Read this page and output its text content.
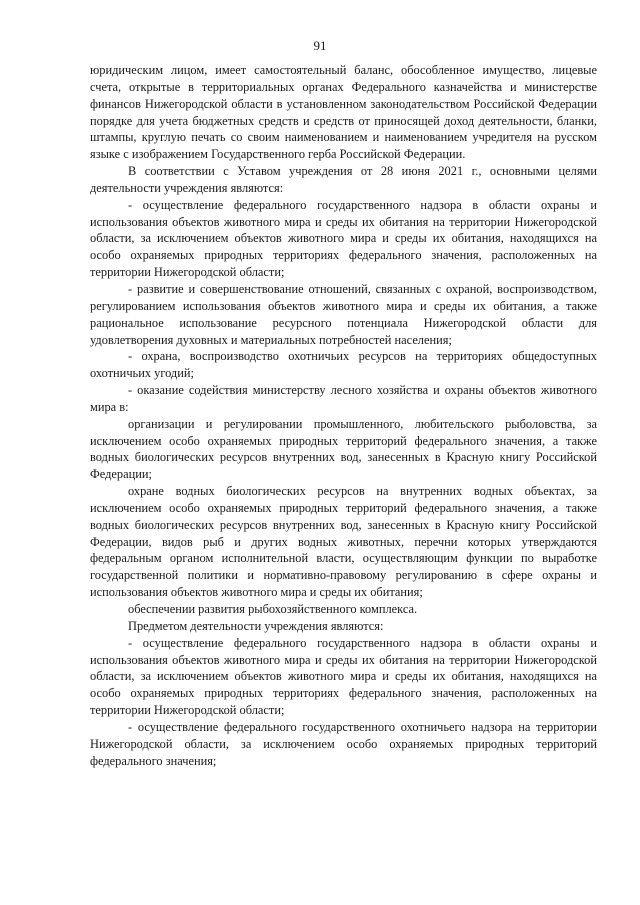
91

юридическим лицом, имеет самостоятельный баланс, обособленное имущество, лицевые счета, открытые в территориальных органах Федерального казначейства и министерстве финансов Нижегородской области в установленном законодательством Российской Федерации порядке для учета бюджетных средств и средств от приносящей доход деятельности, бланки, штампы, круглую печать со своим наименованием и наименованием учредителя на русском языке с изображением Государственного герба Российской Федерации.

В соответствии с Уставом учреждения от 28 июня 2021 г., основными целями деятельности учреждения являются:

- осуществление федерального государственного надзора в области охраны и использования объектов животного мира и среды их обитания на территории Нижегородской области, за исключением объектов животного мира и среды их обитания, находящихся на особо охраняемых природных территориях федерального значения, расположенных на территории Нижегородской области;

- развитие и совершенствование отношений, связанных с охраной, воспроизводством, регулированием использования объектов животного мира и среды их обитания, а также рациональное использование ресурсного потенциала Нижегородской области для удовлетворения духовных и материальных потребностей населения;

- охрана, воспроизводство охотничьих ресурсов на территориях общедоступных охотничьих угодий;

- оказание содействия министерству лесного хозяйства и охраны объектов животного мира в:

организации и регулировании промышленного, любительского рыболовства, за исключением особо охраняемых природных территорий федерального значения, а также водных биологических ресурсов внутренних вод, занесенных в Красную книгу Российской Федерации;

охране водных биологических ресурсов на внутренних водных объектах, за исключением особо охраняемых природных территорий федерального значения, а также водных биологических ресурсов внутренних вод, занесенных в Красную книгу Российской Федерации, видов рыб и других водных животных, перечни которых утверждаются федеральным органом исполнительной власти, осуществляющим функции по выработке государственной политики и нормативно-правовому регулированию в сфере охраны и использования объектов животного мира и среды их обитания;

обеспечении развития рыбохозяйственного комплекса.

Предметом деятельности учреждения являются:

- осуществление федерального государственного надзора в области охраны и использования объектов животного мира и среды их обитания на территории Нижегородской области, за исключением объектов животного мира и среды их обитания, находящихся на особо охраняемых природных территориях федерального значения, расположенных на территории Нижегородской области;

- осуществление федерального государственного охотничьего надзора на территории Нижегородской области, за исключением особо охраняемых природных территорий федерального значения;
